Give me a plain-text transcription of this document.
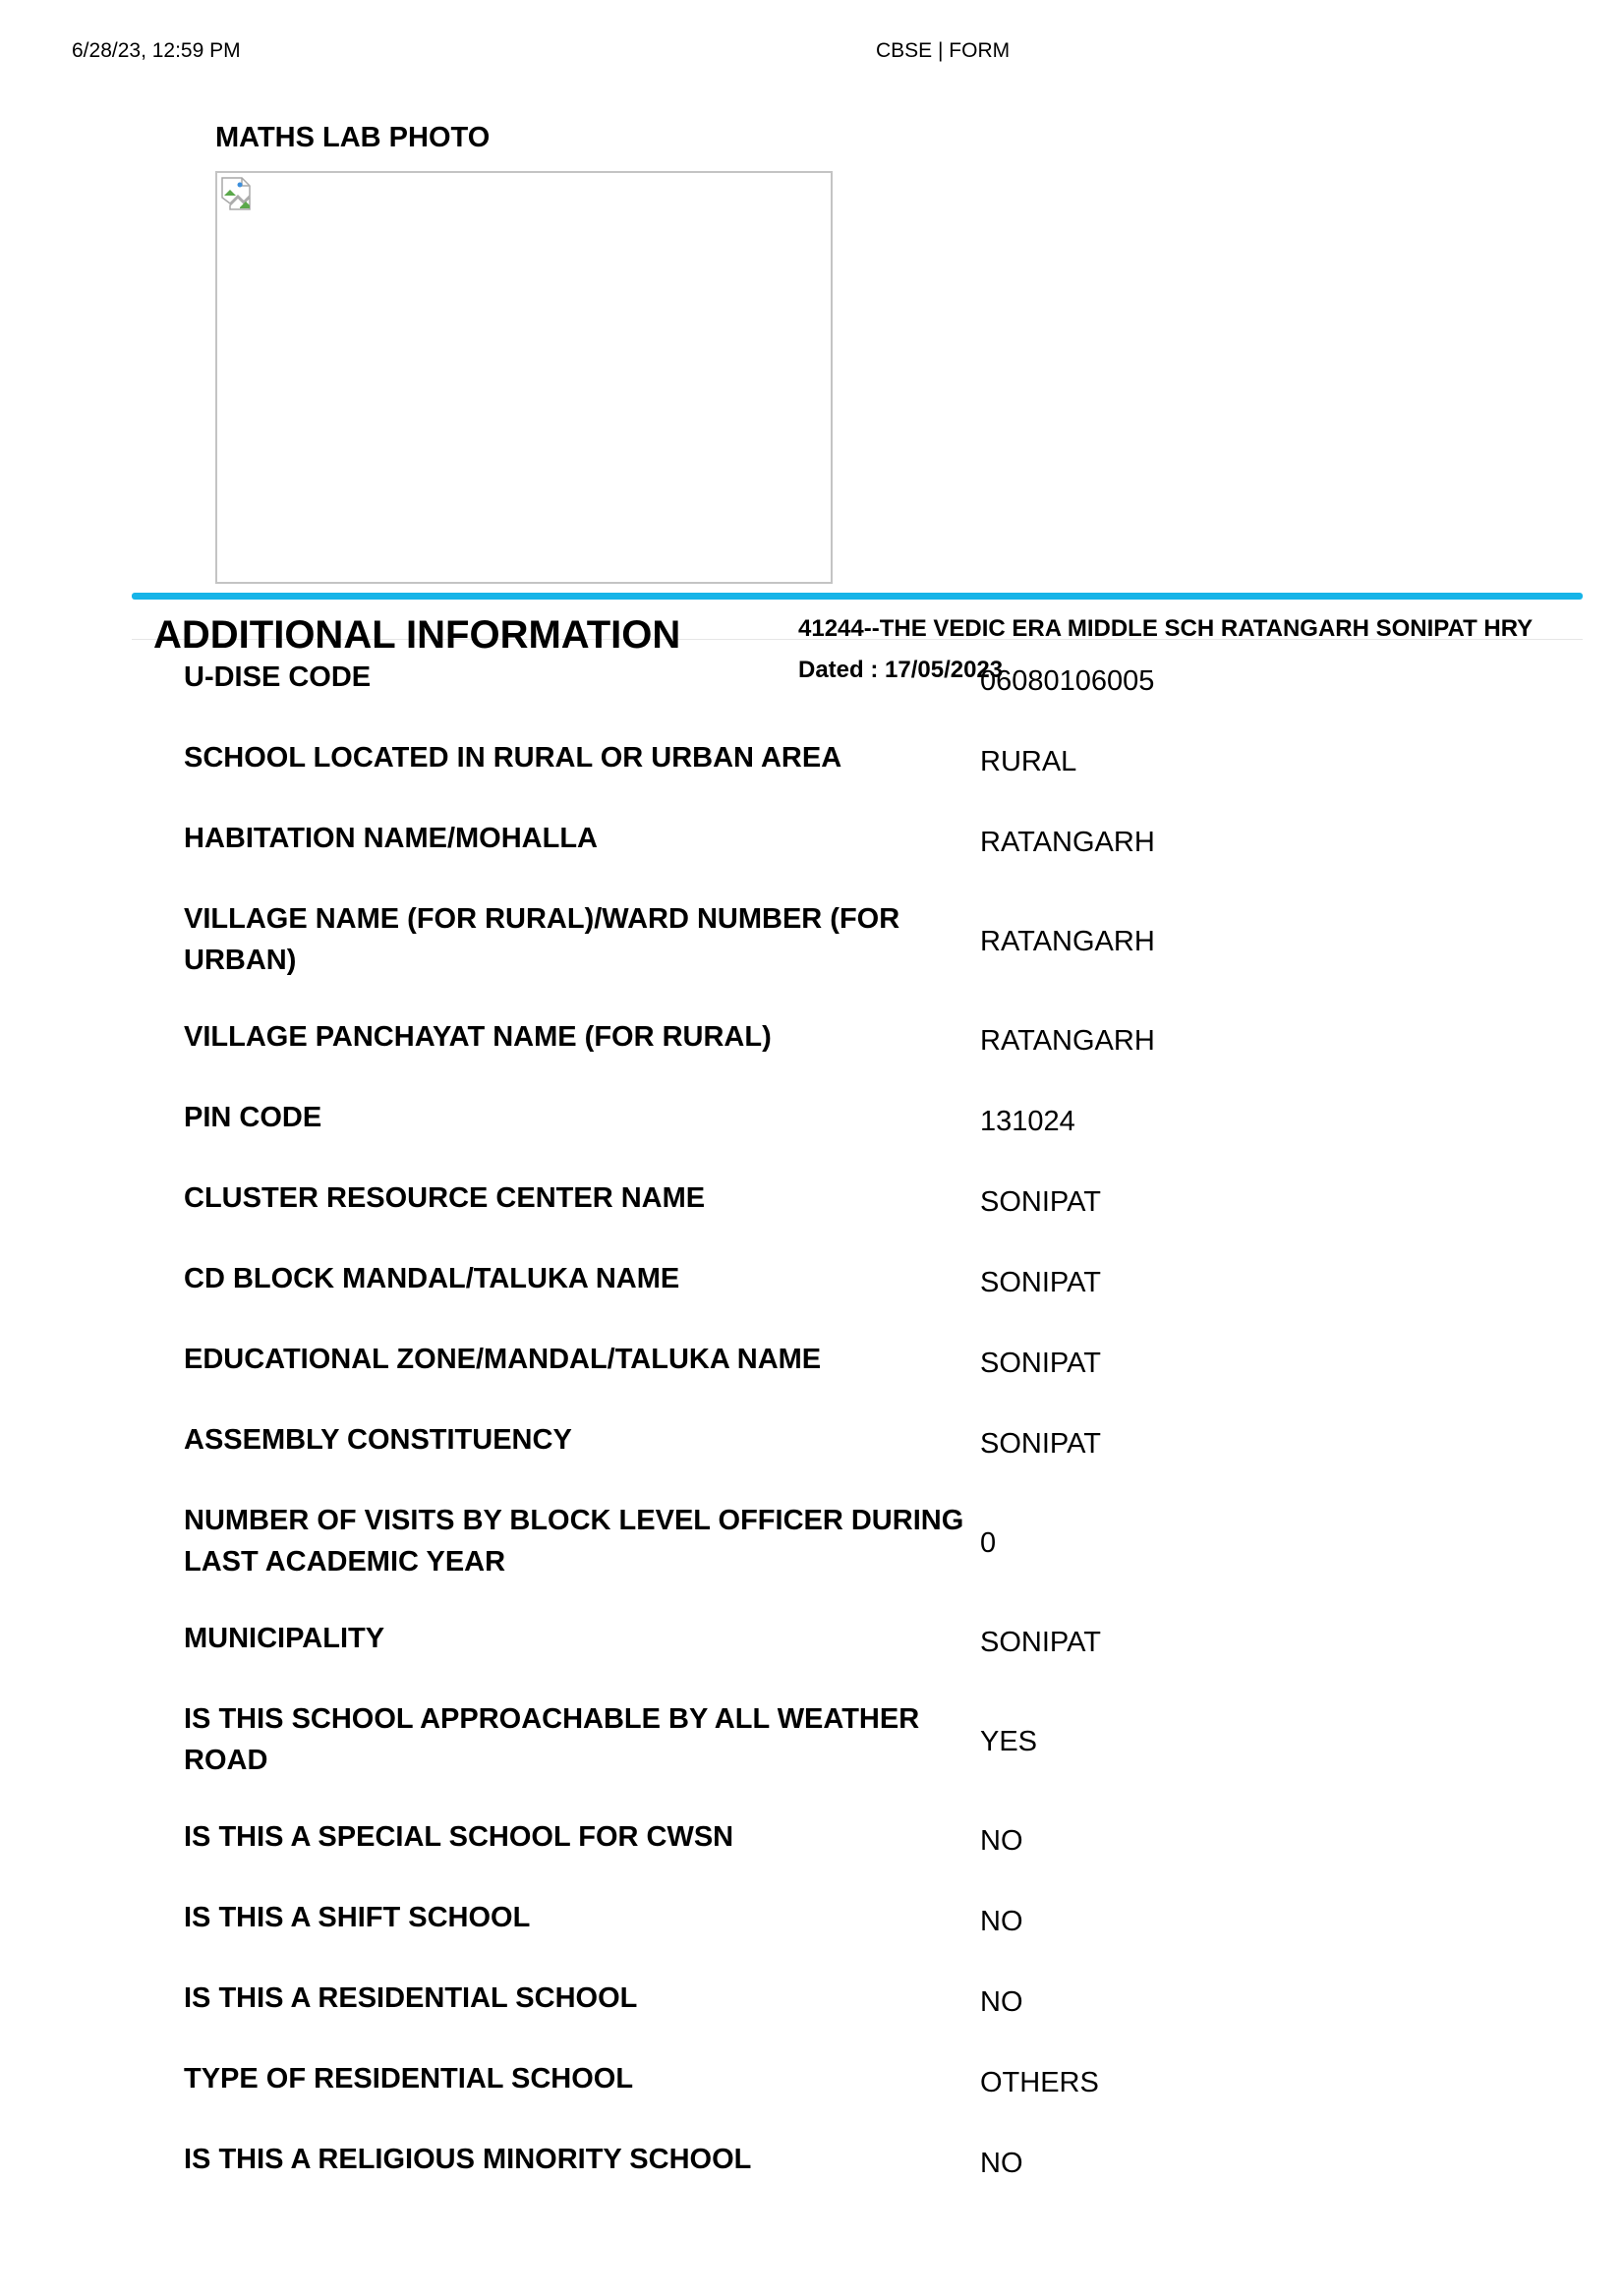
6/28/23, 12:59 PM	CBSE | FORM
MATHS LAB PHOTO
ADDITIONAL INFORMATION	41244--THE VEDIC ERA MIDDLE SCH RATANGARH SONIPAT HRY
Dated : 17/05/2023
U-DISE CODE	06080106005
SCHOOL LOCATED IN RURAL OR URBAN AREA	RURAL
HABITATION NAME/MOHALLA	RATANGARH
VILLAGE NAME (FOR RURAL)/WARD NUMBER (FOR URBAN)
RATANGARH
VILLAGE PANCHAYAT NAME (FOR RURAL)	RATANGARH
PIN CODE	131024
CLUSTER RESOURCE CENTER NAME	SONIPAT
CD BLOCK MANDAL/TALUKA NAME	SONIPAT
EDUCATIONAL ZONE/MANDAL/TALUKA NAME	SONIPAT
ASSEMBLY CONSTITUENCY	SONIPAT
NUMBER OF VISITS BY BLOCK LEVEL OFFICER DURING LAST ACADEMIC YEAR
0
MUNICIPALITY	SONIPAT
IS THIS SCHOOL APPROACHABLE BY ALL WEATHER ROAD
YES
IS THIS A SPECIAL SCHOOL FOR CWSN	NO
IS THIS A SHIFT SCHOOL	NO
IS THIS A RESIDENTIAL SCHOOL	NO
TYPE OF RESIDENTIAL SCHOOL	OTHERS
IS THIS A RELIGIOUS MINORITY SCHOOL	NO
